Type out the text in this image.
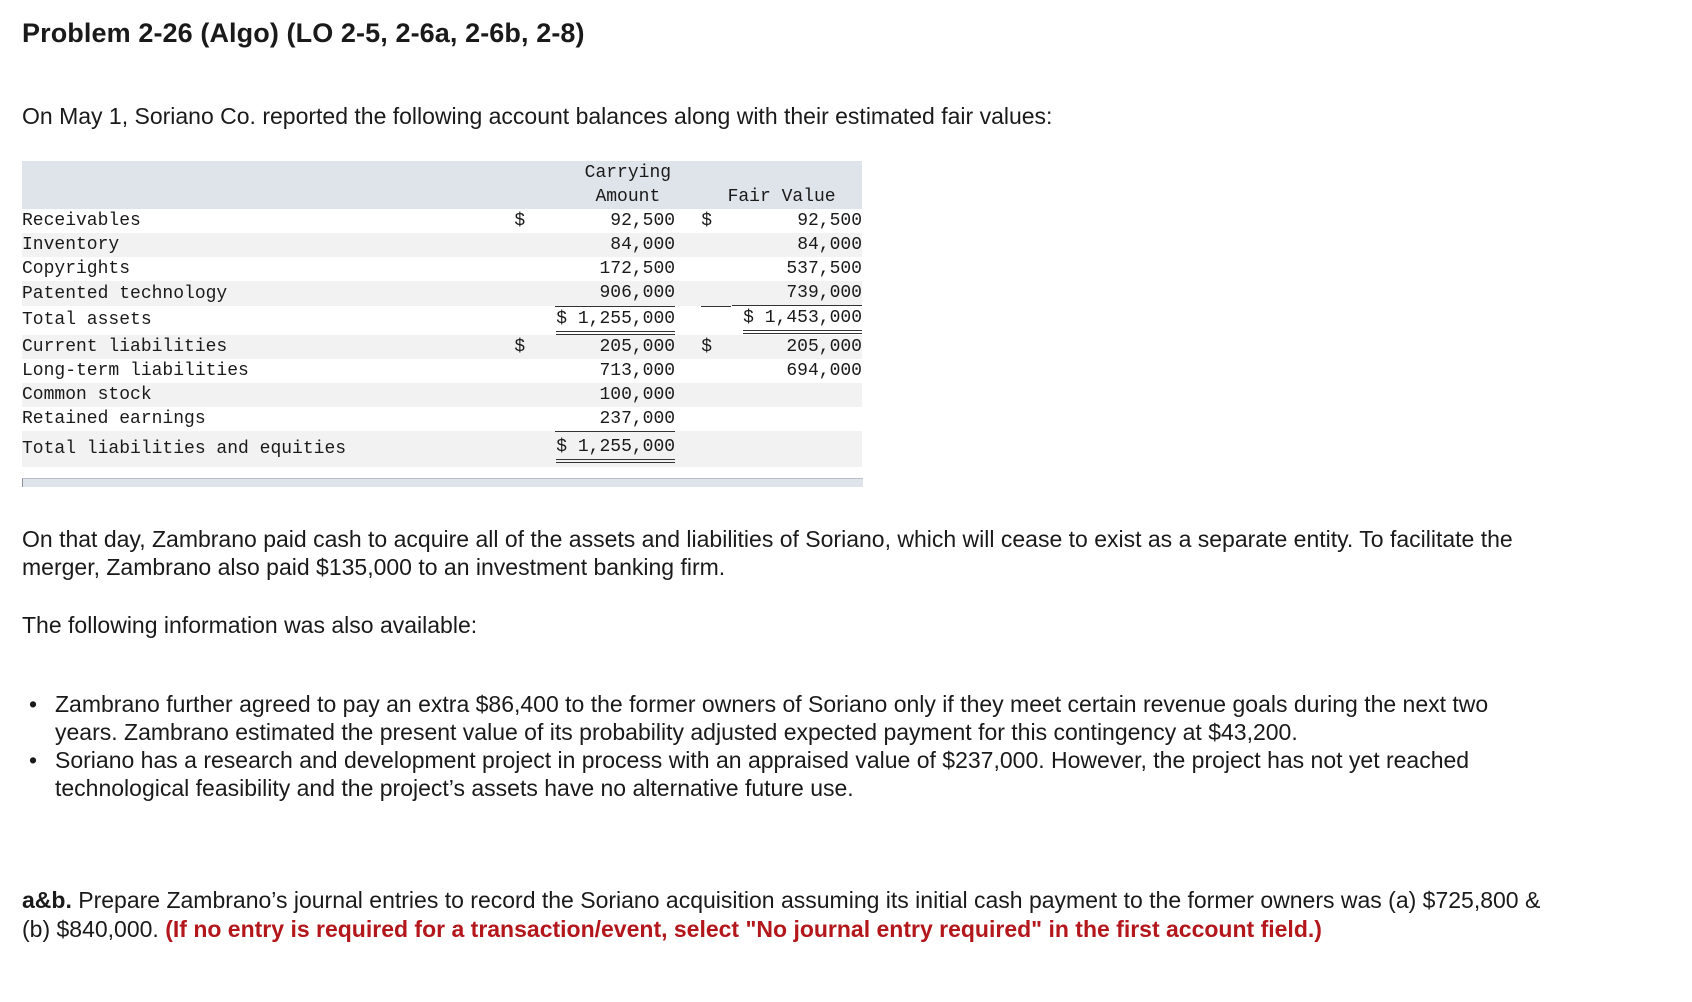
Problem 2-26 (Algo) (LO 2-5, 2-6a, 2-6b, 2-8)
On May 1, Soriano Co. reported the following account balances along with their estimated fair values:
		Carrying			
		Amount		Fair Value	
Receivables	$	92,500		$	92,500
Inventory		84,000			84,000
Copyrights		172,500			537,500
Patented technology		906,000			739,000
Total assets		$ 1,255,000			$ 1,453,000
Current liabilities	$	205,000		$	205,000
Long-term liabilities		713,000			694,000
Common stock		100,000			
Retained earnings		237,000			
Total liabilities and equities		$ 1,255,000			
On that day, Zambrano paid cash to acquire all of the assets and liabilities of Soriano, which will cease to exist as a separate entity. To facilitate the merger, Zambrano also paid $135,000 to an investment banking firm.
The following information was also available:
• Zambrano further agreed to pay an extra $86,400 to the former owners of Soriano only if they meet certain revenue goals during the next two years. Zambrano estimated the present value of its probability adjusted expected payment for this contingency at $43,200.
• Soriano has a research and development project in process with an appraised value of $237,000. However, the project has not yet reached technological feasibility and the project’s assets have no alternative future use.
a&b. Prepare Zambrano’s journal entries to record the Soriano acquisition assuming its initial cash payment to the former owners was (a) $725,800 & (b) $840,000. (If no entry is required for a transaction/event, select "No journal entry required" in the first account field.)
